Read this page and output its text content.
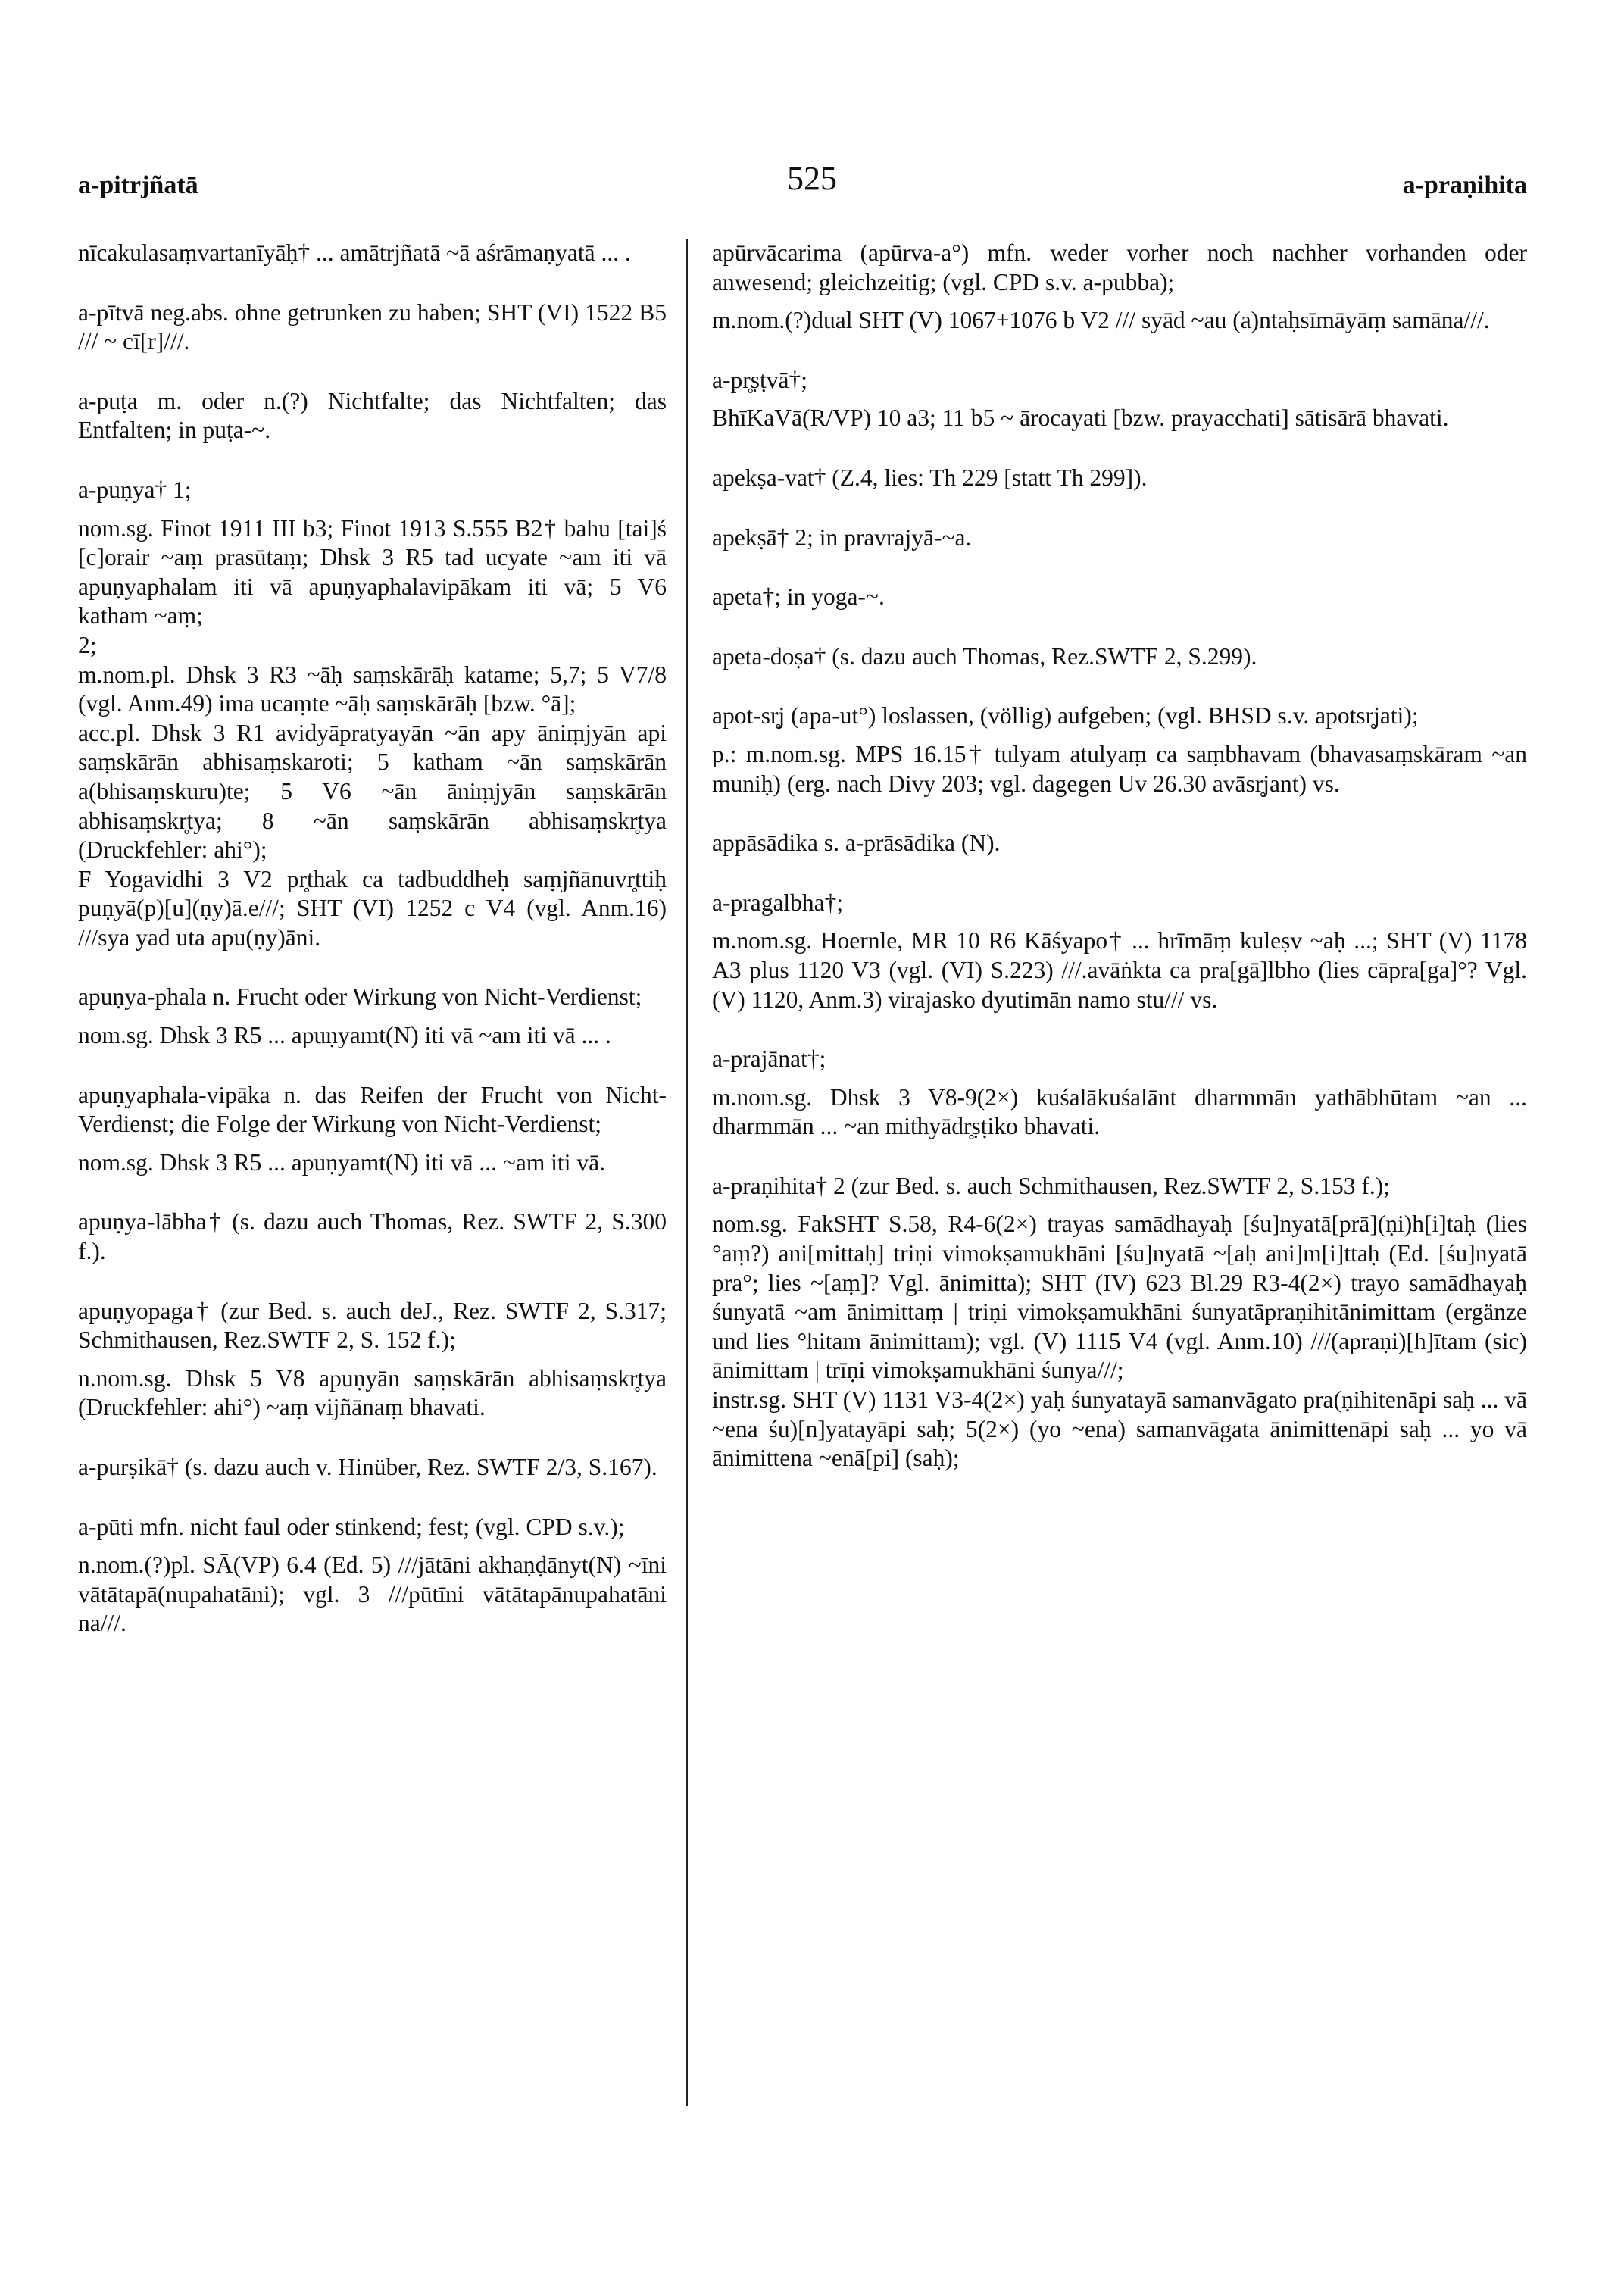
a-pitrjñatā	525	a-praṇihita

nīcakulasaṃvartanīyāḥ† ... amātrjñatā ~ā aśrāmaṇyatā ... .

a-pītvā neg.abs. ohne getrunken zu haben; SHT (VI) 1522 B5 /// ~ cī[r]///.

a-puṭa m. oder n.(?) Nichtfalte; das Nichtfalten; das Entfalten; in puṭa-~.

a-puṇya† 1;

nom.sg. Finot 1911 III b3; Finot 1913 S.555 B2† bahu [tai]ś [c]orair ~aṃ prasūtaṃ; Dhsk 3 R5 tad ucyate ~am iti vā apuṇyaphalam iti vā apuṇyaphalavipākam iti vā; 5 V6 katham ~aṃ;

2;

m.nom.pl. Dhsk 3 R3 ~āḥ saṃskārāḥ katame; 5,7; 5 V7/8 (vgl. Anm.49) ima ucaṃte ~āḥ saṃskārāḥ [bzw. °ā];

acc.pl. Dhsk 3 R1 avidyāpratyayān ~ān apy āniṃjyān api saṃskārān abhisaṃskaroti; 5 katham ~ān saṃskārān a(bhisaṃskuru)te; 5 V6 ~ān āniṃjyān saṃskārān abhisaṃskr̥tya; 8 ~ān saṃskārān abhisaṃskr̥tya (Druckfehler: ahi°);

F Yogavidhi 3 V2 pr̥thak ca tadbuddheḥ saṃjñānuvr̥ttiḥ puṇyā(p)[u](ṇy)ā.e///; SHT (VI) 1252 c V4 (vgl. Anm.16) ///sya yad uta apu(ṇy)āni.

apuṇya-phala n. Frucht oder Wirkung von Nicht-Verdienst;

nom.sg. Dhsk 3 R5 ... apuṇyamt(N) iti vā ~am iti vā ... .

apuṇyaphala-vipāka n. das Reifen der Frucht von Nicht-Verdienst; die Folge der Wirkung von Nicht-Verdienst;

nom.sg. Dhsk 3 R5 ... apuṇyamt(N) iti vā ... ~am iti vā.

apuṇya-lābha† (s. dazu auch Thomas, Rez. SWTF 2, S.300 f.).

apuṇyopaga† (zur Bed. s. auch deJ., Rez. SWTF 2, S.317; Schmithausen, Rez.SWTF 2, S. 152 f.);

n.nom.sg. Dhsk 5 V8 apuṇyān saṃskārān abhisaṃskr̥tya (Druckfehler: ahi°) ~aṃ vijñānaṃ bhavati.

a-purṣikā† (s. dazu auch v. Hinüber, Rez. SWTF 2/3, S.167).

a-pūti mfn. nicht faul oder stinkend; fest; (vgl. CPD s.v.);

n.nom.(?)pl. SĀ(VP) 6.4 (Ed. 5) ///jātāni akhaṇḍānyt(N) ~īni vātātapā(nupahatāni); vgl. 3 ///pūtīni vātātapānupahatāni na///.

apūrvācarima (apūrva-a°) mfn. weder vorher noch nachher vorhanden oder anwesend; gleichzeitig; (vgl. CPD s.v. a-pubba);

m.nom.(?)dual SHT (V) 1067+1076 b V2 /// syād ~au (a)ntaḥsīmāyāṃ samāna///.

a-pr̥ṣṭvā†;

BhīKaVā(R/VP) 10 a3; 11 b5 ~ ārocayati [bzw. prayacchati] sātisārā bhavati.

apekṣa-vat† (Z.4, lies: Th 229 [statt Th 299]).

apekṣā† 2; in pravrajyā-~a.

apeta†; in yoga-~.

apeta-doṣa† (s. dazu auch Thomas, Rez.SWTF 2, S.299).

apot-sr̥j (apa-ut°) loslassen, (völlig) aufgeben; (vgl. BHSD s.v. apotsr̥jati);

p.: m.nom.sg. MPS 16.15† tulyam atulyaṃ ca saṃbhavam (bhavasaṃskāram ~an muniḥ) (erg. nach Divy 203; vgl. dagegen Uv 26.30 avāsr̥jant) vs.

appāsādika s. a-prāsādika (N).

a-pragalbha†;

m.nom.sg. Hoernle, MR 10 R6 Kāśyapo† ... hrīmāṃ kuleṣv ~aḥ ...; SHT (V) 1178 A3 plus 1120 V3 (vgl. (VI) S.223) ///.avāṅkta ca pra[gā]lbho (lies cāpra[ga]°? Vgl. (V) 1120, Anm.3) virajasko dyutimān namo stu/// vs.

a-prajānat†;

m.nom.sg. Dhsk 3 V8-9(2×) kuśalākuśalānt dharmmān yathābhūtam ~an ... dharmmān ... ~an mithyādr̥ṣṭiko bhavati.

a-praṇihita† 2 (zur Bed. s. auch Schmithausen, Rez.SWTF 2, S.153 f.);

nom.sg. FakSHT S.58, R4-6(2×) trayas samādhayaḥ [śu]nyatā[prā](ṇi)h[i]taḥ (lies °aṃ?) ani[mittaḥ] triṇi vimokṣamukhāni [śu]nyatā ~[aḥ ani]m[i]ttaḥ (Ed. [śu]nyatā pra°; lies ~[aṃ]? Vgl. ānimitta); SHT (IV) 623 Bl.29 R3-4(2×) trayo samādhayaḥ śunyatā ~am ānimittaṃ | triṇi vimokṣamukhāni śunyatāpraṇihitānimittam (ergänze und lies °hitam ānimittam); vgl. (V) 1115 V4 (vgl. Anm.10) ///(apraṇi)[h]ītam (sic) ānimittam | trīṇi vimokṣamukhāni śunya///;

instr.sg. SHT (V) 1131 V3-4(2×) yaḥ śunyatayā samanvāgato pra(ṇihitenāpi saḥ ... vā ~ena śu)[n]yatayāpi saḥ; 5(2×) (yo ~ena) samanvāgata ānimittenāpi saḥ ... yo vā ānimittena ~enā[pi] (saḥ);
